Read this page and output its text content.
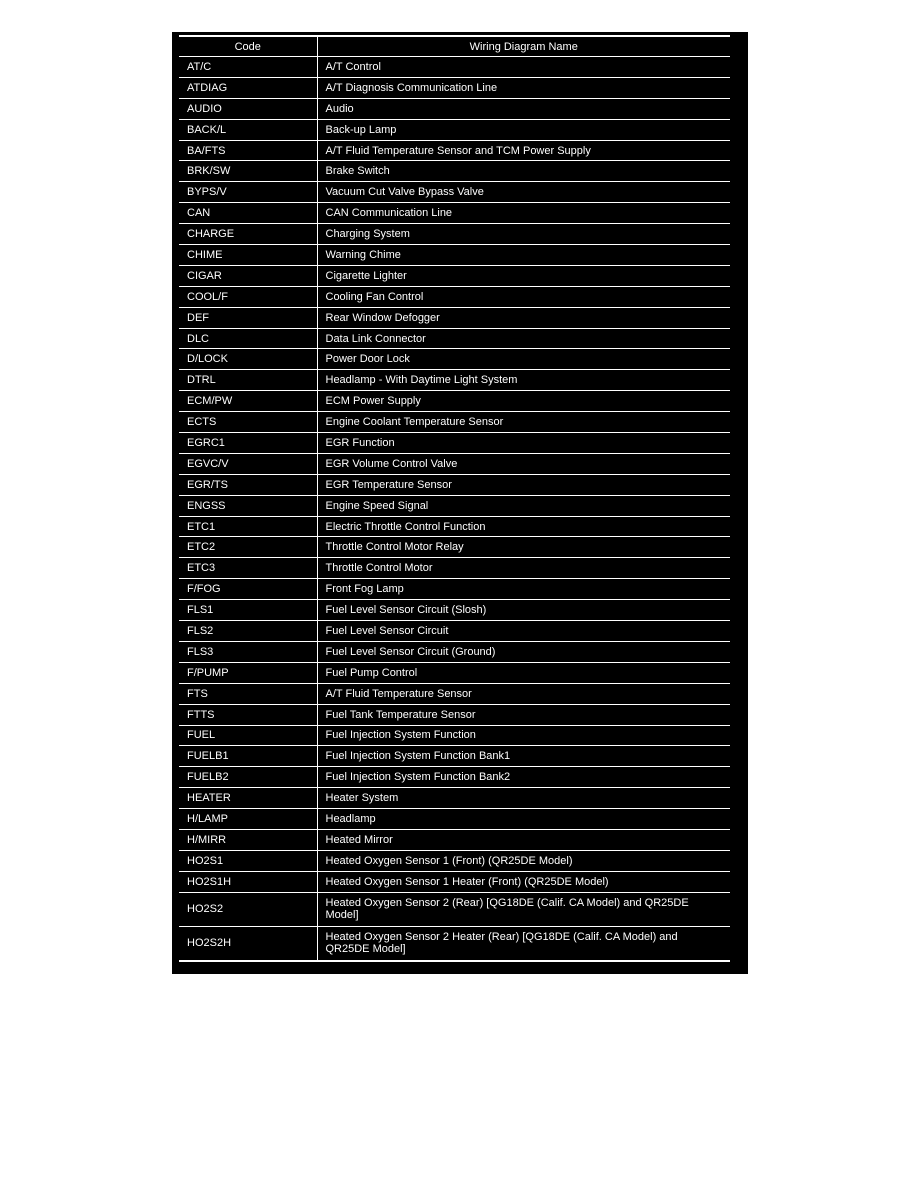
Code	Wiring Diagram Name
AT/C	A/T Control
ATDIAG	A/T Diagnosis Communication Line
AUDIO	Audio
BACK/L	Back-up Lamp
BA/FTS	A/T Fluid Temperature Sensor and TCM Power Supply
BRK/SW	Brake Switch
BYPS/V	Vacuum Cut Valve Bypass Valve
CAN	CAN Communication Line
CHARGE	Charging System
CHIME	Warning Chime
CIGAR	Cigarette Lighter
COOL/F	Cooling Fan Control
DEF	Rear Window Defogger
DLC	Data Link Connector
D/LOCK	Power Door Lock
DTRL	Headlamp - With Daytime Light System
ECM/PW	ECM Power Supply
ECTS	Engine Coolant Temperature Sensor
EGRC1	EGR Function
EGVC/V	EGR Volume Control Valve
EGR/TS	EGR Temperature Sensor
ENGSS	Engine Speed Signal
ETC1	Electric Throttle Control Function
ETC2	Throttle Control Motor Relay
ETC3	Throttle Control Motor
F/FOG	Front Fog Lamp
FLS1	Fuel Level Sensor Circuit (Slosh)
FLS2	Fuel Level Sensor Circuit
FLS3	Fuel Level Sensor Circuit (Ground)
F/PUMP	Fuel Pump Control
FTS	A/T Fluid Temperature Sensor
FTTS	Fuel Tank Temperature Sensor
FUEL	Fuel Injection System Function
FUELB1	Fuel Injection System Function Bank1
FUELB2	Fuel Injection System Function Bank2
HEATER	Heater System
H/LAMP	Headlamp
H/MIRR	Heated Mirror
HO2S1	Heated Oxygen Sensor 1 (Front) (QR25DE Model)
HO2S1H	Heated Oxygen Sensor 1 Heater (Front) (QR25DE Model)
HO2S2	Heated Oxygen Sensor 2 (Rear) [QG18DE (Calif. CA Model) and QR25DE Model]
HO2S2H	Heated Oxygen Sensor 2 Heater (Rear) [QG18DE (Calif. CA Model) and QR25DE Model]
